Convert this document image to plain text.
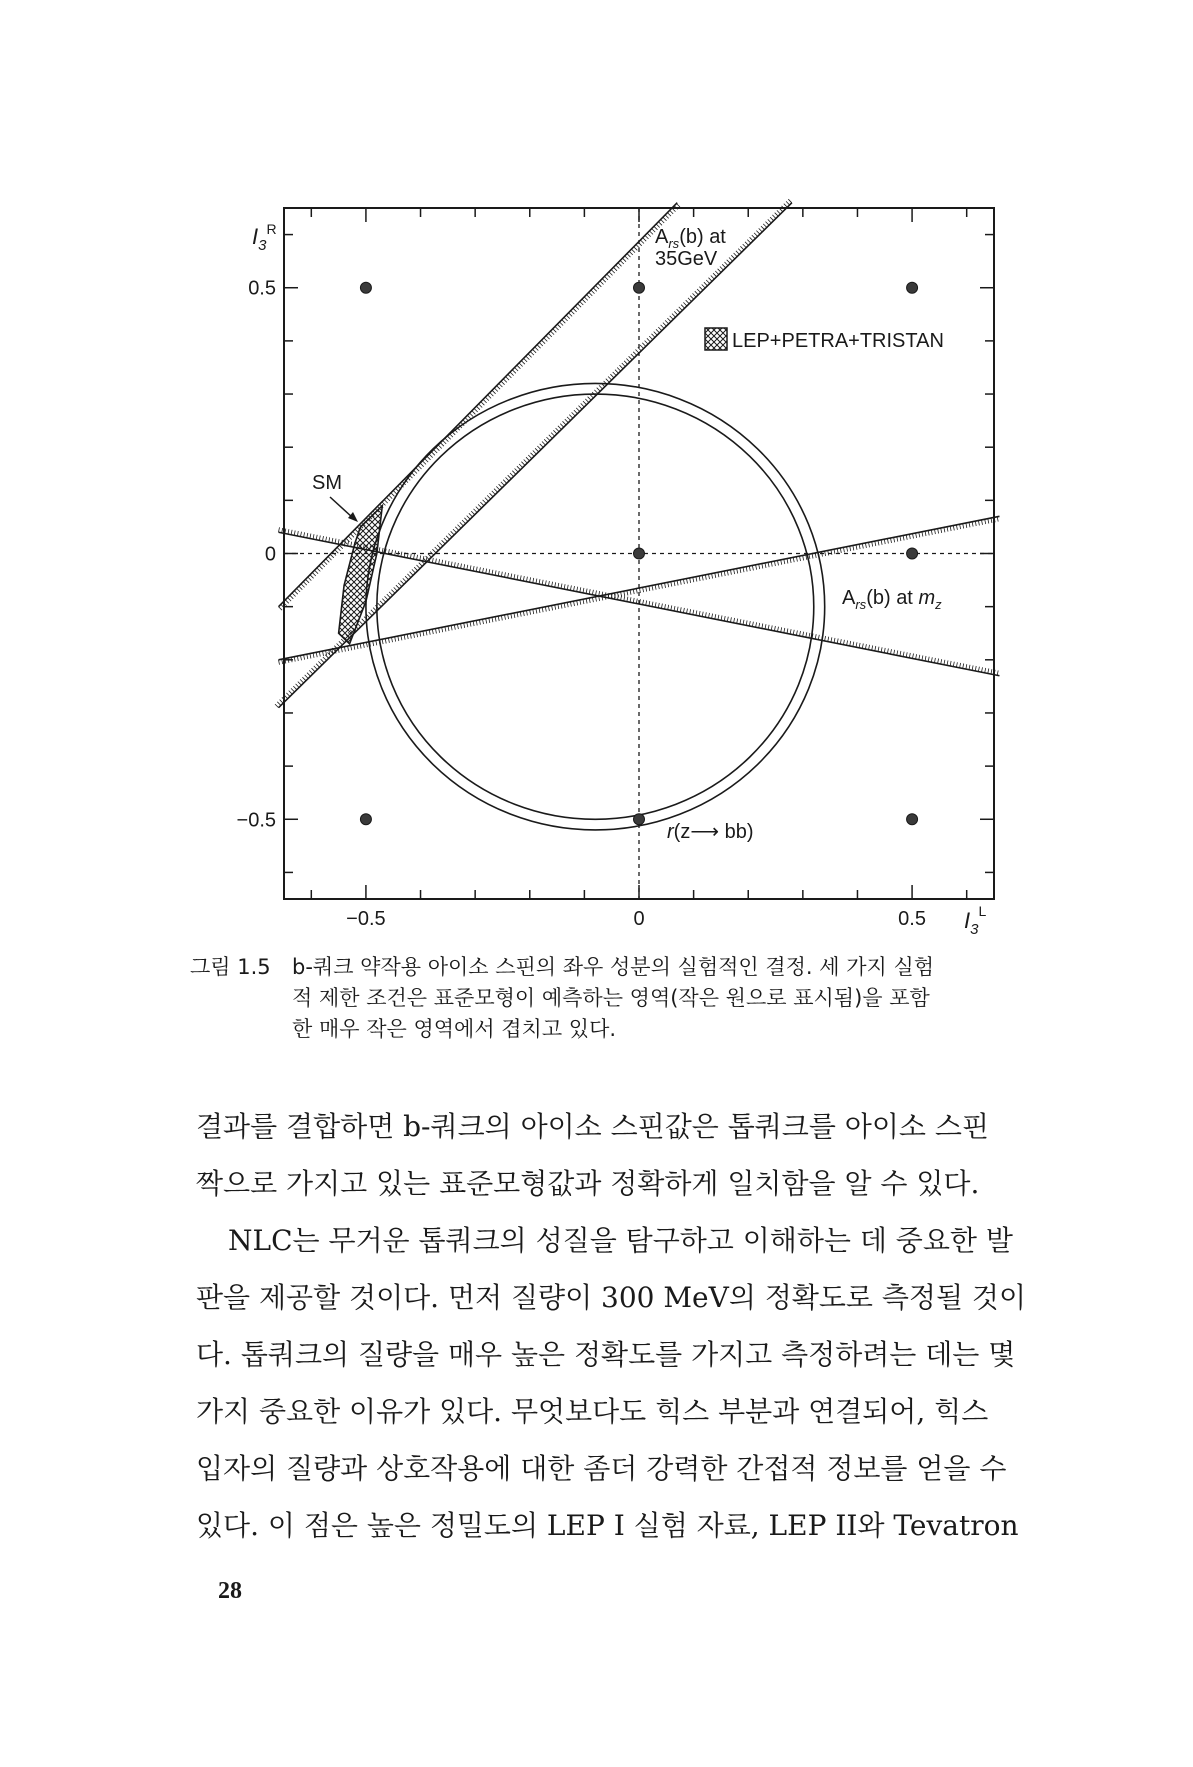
−0.5	0	0.5
0.5
0
−0.5
$I_3^R$
$I_3^L$
$A_{rs}(b)$ at
35GeV
LEP+PETRA+TRISTAN
SM
$A_{rs}(b)$ at $m_z$
r(z⟶ bb)
그림 1.5	b-쿼크 약작용 아이소 스핀의 좌우 성분의 실험적인 결정. 세 가지 실험
적 제한 조건은 표준모형이 예측하는 영역(작은 원으로 표시됨)을 포함
한 매우 작은 영역에서 겹치고 있다.
결과를 결합하면 b-쿼크의 아이소 스핀값은 톱쿼크를 아이소 스핀
짝으로 가지고 있는 표준모형값과 정확하게 일치함을 알 수 있다.
NLC는 무거운 톱쿼크의 성질을 탐구하고 이해하는 데 중요한 발
판을 제공할 것이다. 먼저 질량이 300 MeV의 정확도로 측정될 것이
다. 톱쿼크의 질량을 매우 높은 정확도를 가지고 측정하려는 데는 몇
가지 중요한 이유가 있다. 무엇보다도 힉스 부분과 연결되어, 힉스
입자의 질량과 상호작용에 대한 좀더 강력한 간접적 정보를 얻을 수
있다. 이 점은 높은 정밀도의 LEP I 실험 자료, LEP II와 Tevatron
28
